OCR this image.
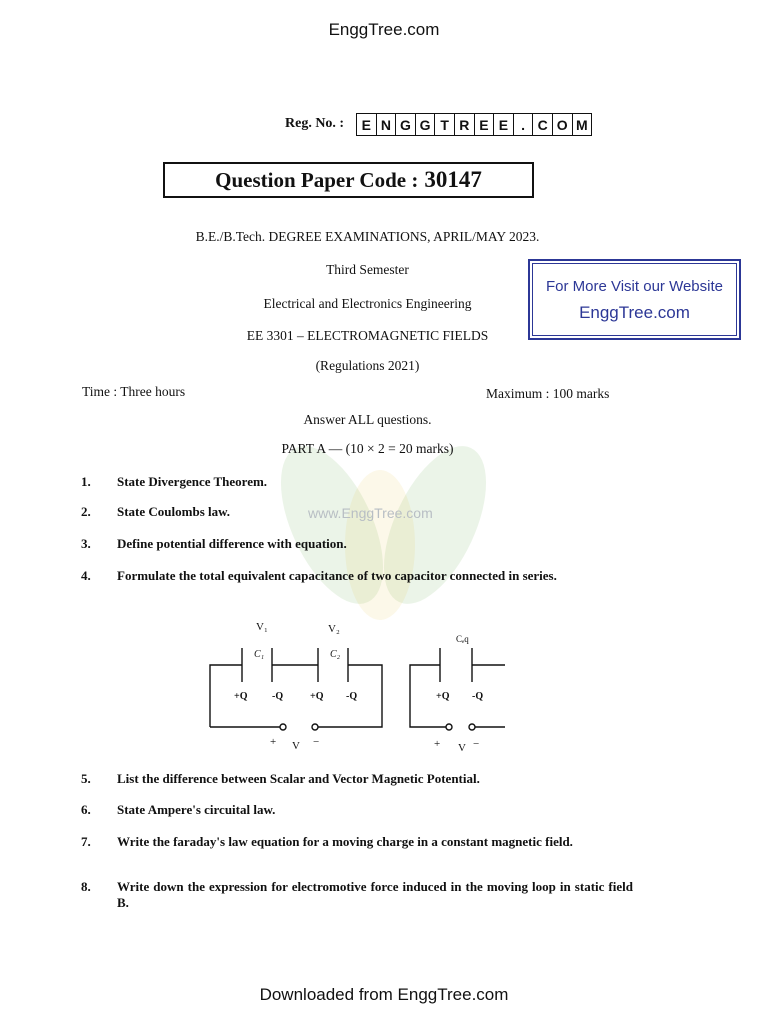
EnggTree.com
Reg. No. :	E N G G T R E E . C O M
Question Paper Code : 30147
B.E./B.Tech. DEGREE EXAMINATIONS, APRIL/MAY 2023.
Third Semester
Electrical and Electronics Engineering
EE 3301 – ELECTROMAGNETIC FIELDS
(Regulations 2021)
For More Visit our Website
EnggTree.com
Time : Three hours	Maximum : 100 marks
Answer ALL questions.
PART A — (10 × 2 = 20 marks)
www.EnggTree.com
1. State Divergence Theorem.
2. State Coulombs law.
3. Define potential difference with equation.
4. Formulate the total equivalent capacitance of two capacitor connected in series.
5. List the difference between Scalar and Vector Magnetic Potential.
6. State Ampere's circuital law.
7. Write the faraday's law equation for a moving charge in a constant magnetic field.
8. Write down the expression for electromotive force induced in the moving loop in static field B.
V₁	V₂
Cₑq
C₁	C₂
+Q -Q	+Q -Q	+Q -Q
+ V −	+ V −
Downloaded from EnggTree.com
